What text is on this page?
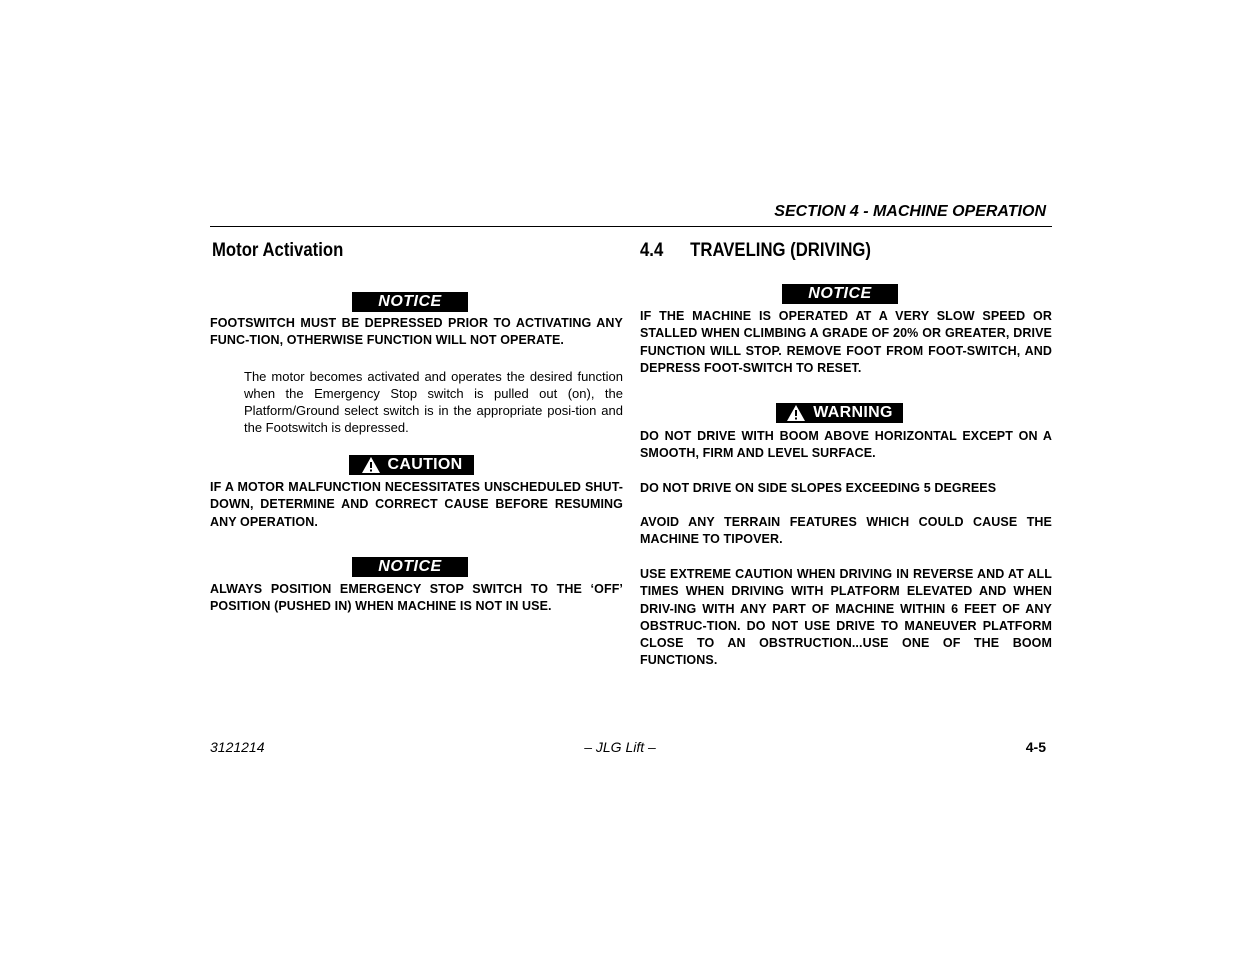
SECTION 4 - MACHINE OPERATION
Motor Activation
NOTICE
FOOTSWITCH MUST BE DEPRESSED PRIOR TO ACTIVATING ANY FUNC-TION, OTHERWISE FUNCTION WILL NOT OPERATE.
The motor becomes activated and operates the desired function when the Emergency Stop switch is pulled out (on), the Platform/Ground select switch is in the appropriate posi-tion and the Footswitch is depressed.
CAUTION
IF A MOTOR MALFUNCTION NECESSITATES UNSCHEDULED SHUT-DOWN, DETERMINE AND CORRECT CAUSE BEFORE RESUMING ANY OPERATION.
NOTICE
ALWAYS POSITION EMERGENCY STOP SWITCH TO THE ‘OFF’ POSITION (PUSHED IN) WHEN MACHINE IS NOT IN USE.
4.4 TRAVELING (DRIVING)
NOTICE
IF THE MACHINE IS OPERATED AT A VERY SLOW SPEED OR STALLED WHEN CLIMBING A GRADE OF 20% OR GREATER, DRIVE FUNCTION WILL STOP. REMOVE FOOT FROM FOOT-SWITCH, AND DEPRESS FOOT-SWITCH TO RESET.
WARNING
DO NOT DRIVE WITH BOOM ABOVE HORIZONTAL EXCEPT ON A SMOOTH, FIRM AND LEVEL SURFACE.
DO NOT DRIVE ON SIDE SLOPES EXCEEDING 5 DEGREES
AVOID ANY TERRAIN FEATURES WHICH COULD CAUSE THE MACHINE TO TIPOVER.
USE EXTREME CAUTION WHEN DRIVING IN REVERSE AND AT ALL TIMES WHEN DRIVING WITH PLATFORM ELEVATED AND WHEN DRIV-ING WITH ANY PART OF MACHINE WITHIN 6 FEET OF ANY OBSTRUC-TION. DO NOT USE DRIVE TO MANEUVER PLATFORM CLOSE TO AN OBSTRUCTION...USE ONE OF THE BOOM FUNCTIONS.
3121214	– JLG Lift –	4-5
